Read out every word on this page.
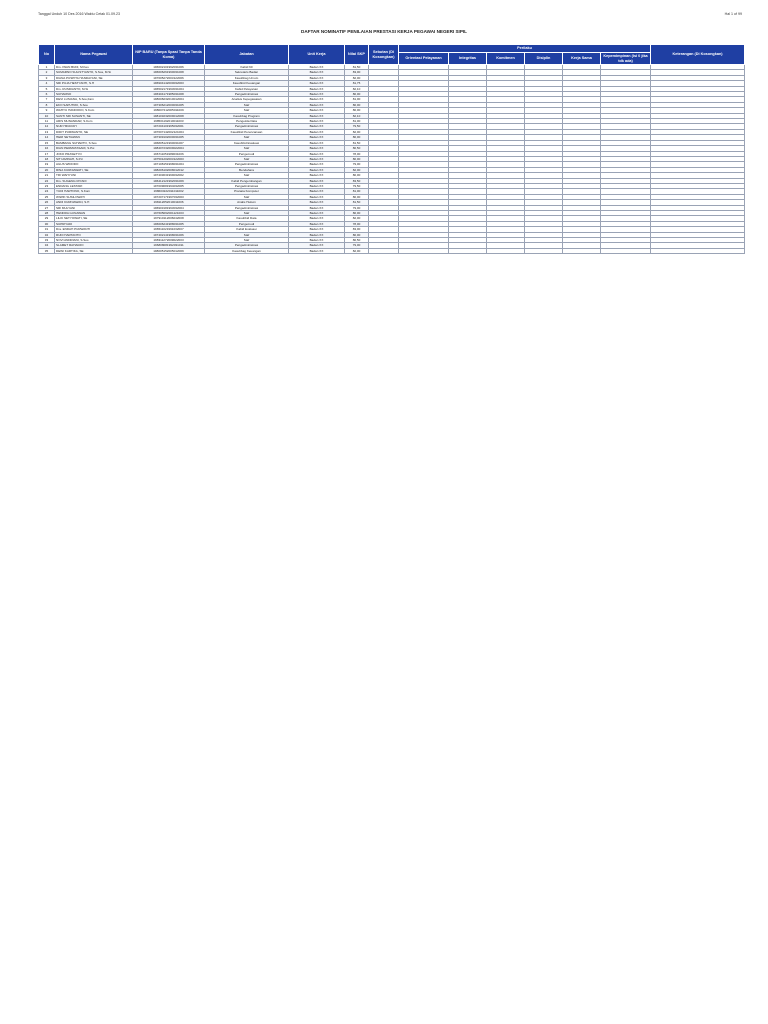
Tanggal Unduh 10 Des 2016 Waktu Cetak 01.09.23	Hal 1 of 99
DAFTAR NOMINATIF PENILAIAN PRESTASI KERJA PEGAWAI NEGERI SIPIL
No	Nama Pegawai	NIP BARU (Tanpa Spasi Tanpa Tanda Koma)	Jabatan	Unit Kerja	Nilai SKP	Sebutan (Di Kosongkan)	Perilaku						Keterangan (Di Kosongkan)
							Orientasi Pelayanan	Integritas	Komitmen	Disiplin	Kerja Sama	Kepemimpinan (Isi 0 jika tdk ada)	
1	Drs. IWAN BUDI, M.Kes	196602101992031006	Kabid 60	Badan XX	81,50								
2	SUMARNO SULISTYANTO, S.Sos, M.Si	196606261990031008	Sekretaris Badan	Badan XX	83,00								
3	DIANA PUSPITA HANDAYANI, SE	197605272003122006	Kasubbag Umum	Badan XX	82,00								
4	SRI PUJA HESTYANTI, S.H	196904142000032003	Kasubbid Keuangan	Badan XX	81,75								
5	Drs. RUSDIANTO, M.Si	196502171993031004	Kabid Pelayanan	Badan XX	82,10								
6	SUHARNO	196304171985031008	Pengadministrasi	Badan XX	80,00								
7	DEVI LUSIANA, S.Sos,Fam	198008232010012004	Analisis Kepegawaian	Badan XX	81,00								
8	EKO SAPUTRO, S.Sos	197306212000031005	Staf	Badan XX	80,00								
9	WAHYU HANDOKO, S.Kom	198007212005011009	Staf	Badan XX	80,00								
10	SANTI SRI SUSANTI, SE	198103232009012008	Kasubbag Program	Badan XX	82,10								
11	ARIS MUNANDAR, S.Kom	198501192010011003	Pengelola Data	Badan XX	81,00								
12	NUR HIDAYAH	197204101995032001	Pengadministrasi	Badan XX	79,50								
13	DIDIT PURWANTO, SE	197607142002121004	Kasubbid Perencanaan	Badan XX	82,00								
14	HERI SETIAWAN	197309102000031005	Staf	Badan XX	80,00								
15	BAMBANG SUHARTO, S.Sos	196805121990031007	Kasubbid Evaluasi	Badan XX	81,50								
16	DIAN PERMATASARI, S.Psi	198407232009022004	Staf	Badan XX	80,50								
17	JOKO PRASETYO	196711051989031006	Pengemudi	Badan XX	78,00								
18	SITI AMINAH, S.Pd	197501202003122003	Staf	Badan XX	80,00								
19	AGUS WIDODO	197108151998031004	Pengadministrasi	Badan XX	79,00								
20	RINA KURNIAWATI, SE	198206102008012012	Bendahara	Badan XX	82,00								
21	TRI WAHYUNI	197403031999032002	Staf	Badan XX	80,00								
22	Drs. SUGENG RIYADI	196412121992031009	Kabid Pengembangan	Badan XX	83,50								
23	ENDANG LESTARI	197009081994032005	Pengadministrasi	Badan XX	79,50								
24	YUDI HARTONO, S.Kom	198603222011011002	Pranata Komputer	Badan XX	81,00								
25	WIWIK SUSILOWATI	197207171997032003	Staf	Badan XX	80,00								
26	ANDI KURNIAWAN, S.H	198112052010011006	Analis Hukum	Badan XX	81,50								
27	SRI MULYANI	196903181993032004	Pengadministrasi	Badan XX	79,00								
28	HENDRA GUNAWAN	197605062001121003	Staf	Badan XX	80,00								
29	LILIK SETYOWATI, SE	197910112006042008	Kasubbid Data	Badan XX	82,00								
30	SUPRIYADI	196606241988031005	Pengemudi	Badan XX	78,00								
31	Dra. ENDAH PURWANTI	196511021991032007	Kabid Evaluasi	Badan XX	83,00								
32	RUDI HARTANTO	197402141998031006	Staf	Badan XX	80,00								
33	NOVI ANDRIANI, S.Sos	198311272009022003	Staf	Badan XX	80,50								
34	SLAMET RAHARJO	196808081992031011	Pengadministrasi	Badan XX	79,00								
35	DEWI KARTIKA, SE	198005152005012009	Kasubbag Keuangan	Badan XX	82,00								
